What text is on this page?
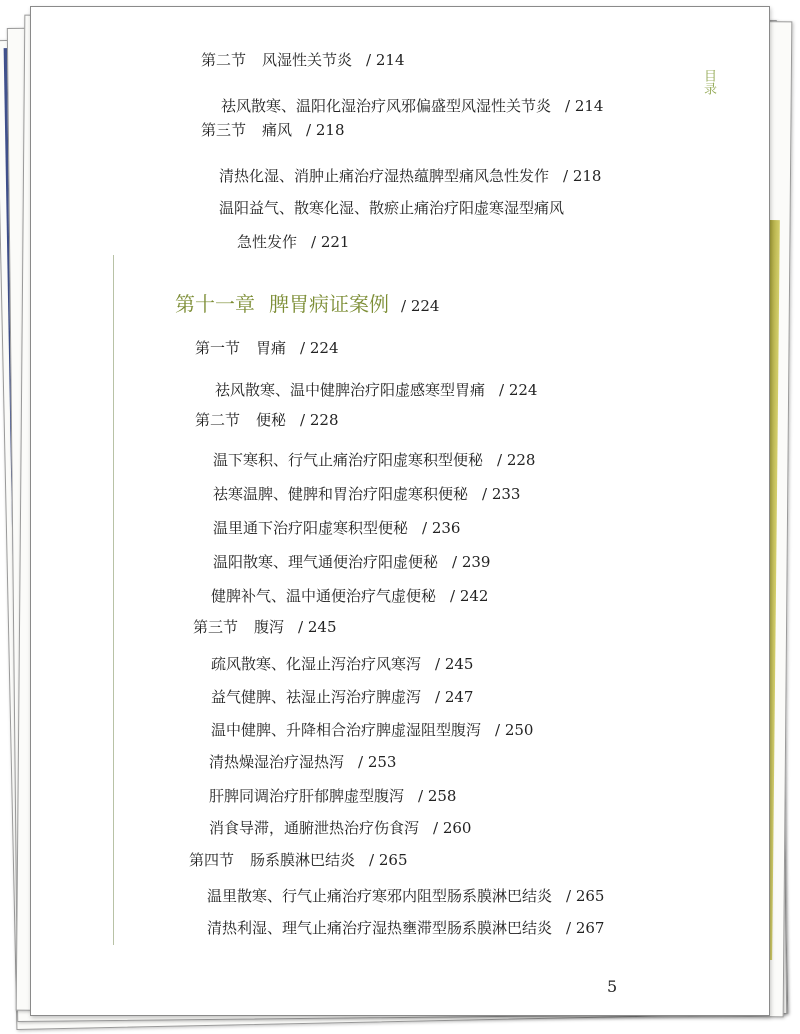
目录
第二节 风湿性关节炎 / 214
祛风散寒、温阳化湿治疗风邪偏盛型风湿性关节炎 / 214
第三节 痛风 / 218
清热化湿、消肿止痛治疗湿热蕴脾型痛风急性发作 / 218
温阳益气、散寒化湿、散瘀止痛治疗阳虚寒湿型痛风
急性发作 / 221
第十一章 脾胃病证案例 / 224
第一节 胃痛 / 224
祛风散寒、温中健脾治疗阳虚感寒型胃痛 / 224
第二节 便秘 / 228
温下寒积、行气止痛治疗阳虚寒积型便秘 / 228
祛寒温脾、健脾和胃治疗阳虚寒积便秘 / 233
温里通下治疗阳虚寒积型便秘 / 236
温阳散寒、理气通便治疗阳虚便秘 / 239
健脾补气、温中通便治疗气虚便秘 / 242
第三节 腹泻 / 245
疏风散寒、化湿止泻治疗风寒泻 / 245
益气健脾、祛湿止泻治疗脾虚泻 / 247
温中健脾、升降相合治疗脾虚湿阻型腹泻 / 250
清热燥湿治疗湿热泻 / 253
肝脾同调治疗肝郁脾虚型腹泻 / 258
消食导滞，通腑泄热治疗伤食泻 / 260
第四节 肠系膜淋巴结炎 / 265
温里散寒、行气止痛治疗寒邪内阻型肠系膜淋巴结炎 / 265
清热利湿、理气止痛治疗湿热壅滞型肠系膜淋巴结炎 / 267
5
